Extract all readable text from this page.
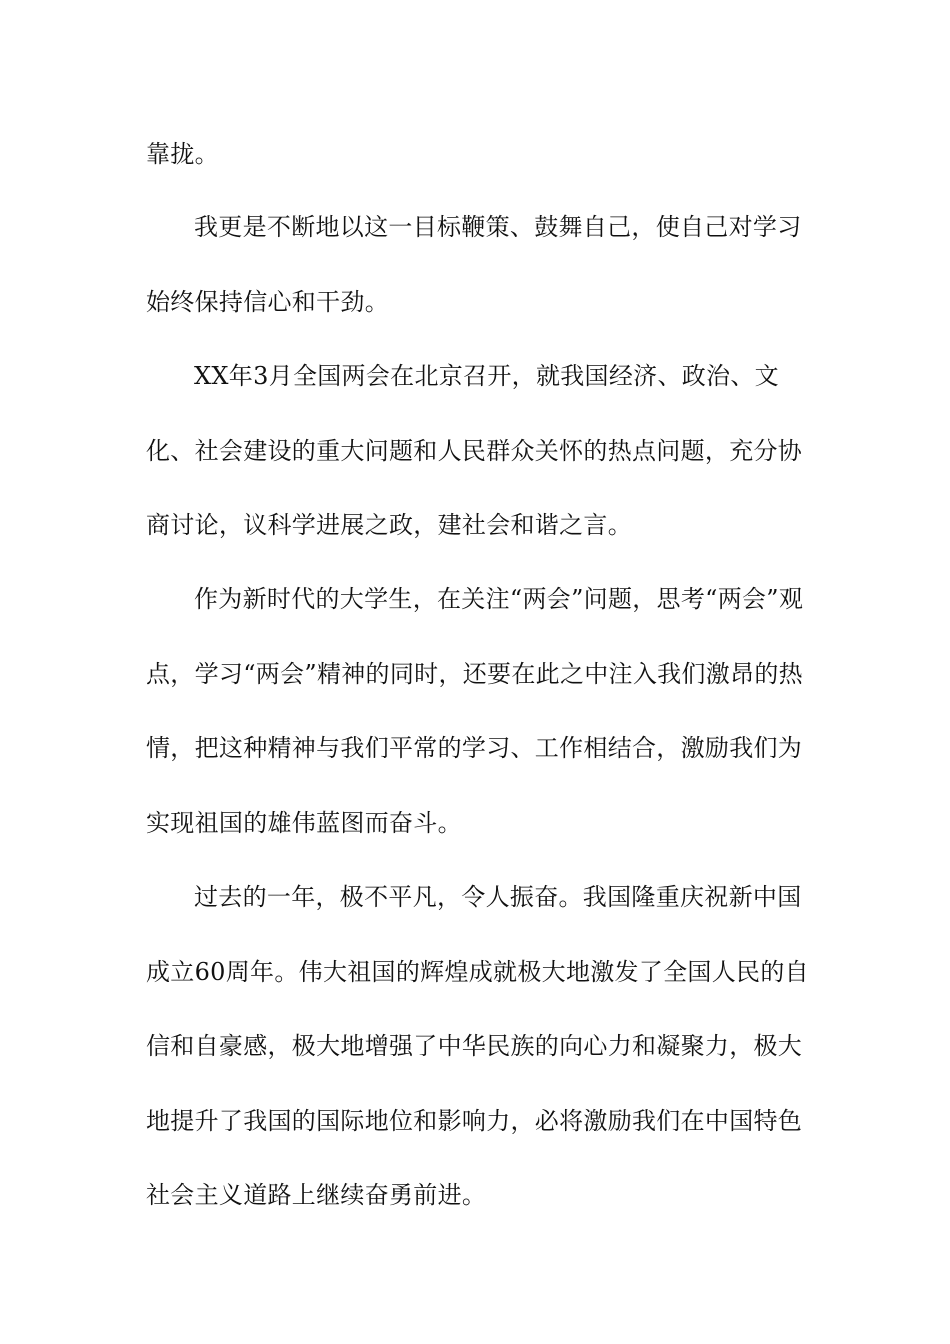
靠拢。

我更是不断地以这一目标鞭策、鼓舞自己，使自己对学习始终保持信心和干劲。

XX年3月全国两会在北京召开，就我国经济、政治、文化、社会建设的重大问题和人民群众关怀的热点问题，充分协商讨论，议科学进展之政，建社会和谐之言。

作为新时代的大学生，在关注“两会”问题，思考“两会”观点，学习“两会”精神的同时，还要在此之中注入我们激昂的热情，把这种精神与我们平常的学习、工作相结合，激励我们为实现祖国的雄伟蓝图而奋斗。

过去的一年，极不平凡，令人振奋。我国隆重庆祝新中国成立60周年。伟大祖国的辉煌成就极大地激发了全国人民的自信和自豪感，极大地增强了中华民族的向心力和凝聚力，极大地提升了我国的国际地位和影响力，必将激励我们在中国特色社会主义道路上继续奋勇前进。
